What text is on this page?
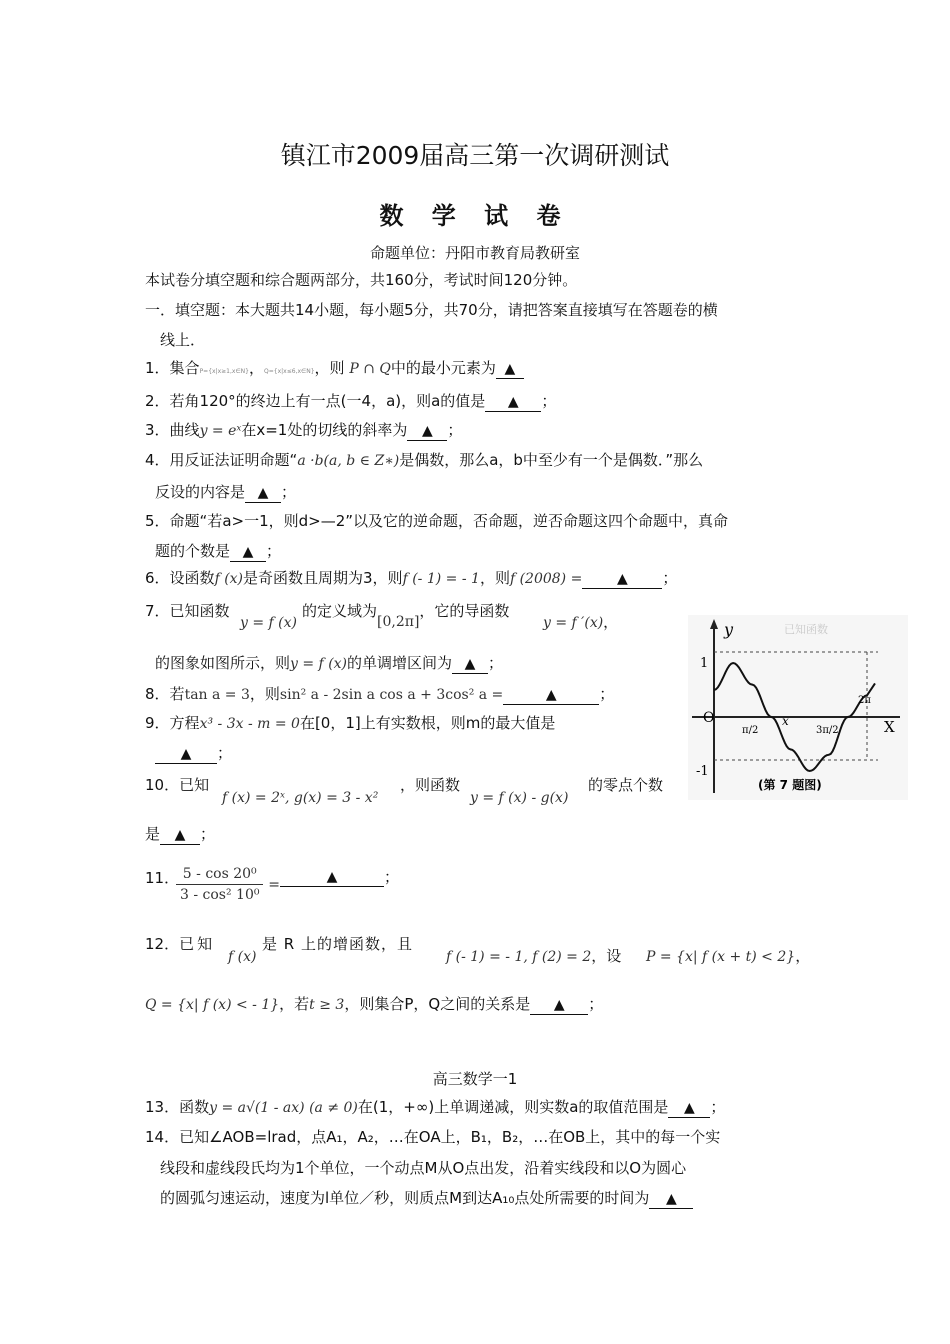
镇江市2009届高三第一次调研测试
数 学 试 卷
命题单位：丹阳市教育局教研室
本试卷分填空题和综合题两部分，共160分，考试时间120分钟。
一．填空题：本大题共14小题，每小题5分，共70分，请把答案直接填写在答题卷的横
线上．
1．集合P={x|x≥1,x∈N}，Q={x|x≤6,x∈N}，则 P ∩ Q中的最小元素为 ▲
2．若角120°的终边上有一点(一4，a)，则a的值是 ▲ ；
3．曲线y = eˣ在x=1处的切线的斜率为 ▲ ；
4．用反证法证明命题“a ·b(a, b ∈ Z∗)是偶数，那么a，b中至少有一个是偶数．”那么
反设的内容是 ▲ ；
5．命题“若a>一1，则d>—2”以及它的逆命题，否命题，逆否命题这四个命题中，真命
题的个数是 ▲ ；
6．设函数f (x)是奇函数且周期为3，则f (- 1) = - 1，则f (2008) = ▲ ；
7．已知函数
y = f (x)
的定义域为[0,2π]，它的导函数
y = f ′(x)，
的图象如图所示，则y = f (x)的单调增区间为 ▲ ；
8．若tan a = 3，则sin² a - 2sin a cos a + 3cos² a =	▲	；
9．方程x³ - 3x - m = 0在[0，1]上有实数根，则m的最大值是
▲ ；
10．已知
f (x) = 2ˣ, g(x) = 3 - x²
，则函数
y = f (x) - g(x)
的零点个数
是 ▲ ；
11．
$\frac{\text{5 - cos 20⁰}}{\text{3 - cos² 10⁰}}$ =▲	；
12．已知
f (x)
是 R 上的增函数，且
f (- 1) = - 1, f (2) = 2，设 P = {x| f (x + t) < 2}，
Q = {x| f (x) < - 1}，若t ≥ 3，则集合P，Q之间的关系是 ▲ ；
高三数学一1
13．函数y = a√(1 - ax) (a ≠ 0)在(1，+∞)上单调递减，则实数a的取值范围是 ▲ ；
14．已知∠AOB=lrad，点A₁，A₂，…在OA上，B₁，B₂，…在OB上，其中的每一个实
线段和虚线段氏均为1个单位，一个动点M从O点出发，沿着实线段和以O为圆心
的圆弧匀速运动，速度为l单位／秒，则质点M到达A₁₀点处所需要的时间为 ▲
已知函数
y
X
O
1
-1
π/2
x
3π/2
2π
(第 7 题图)
